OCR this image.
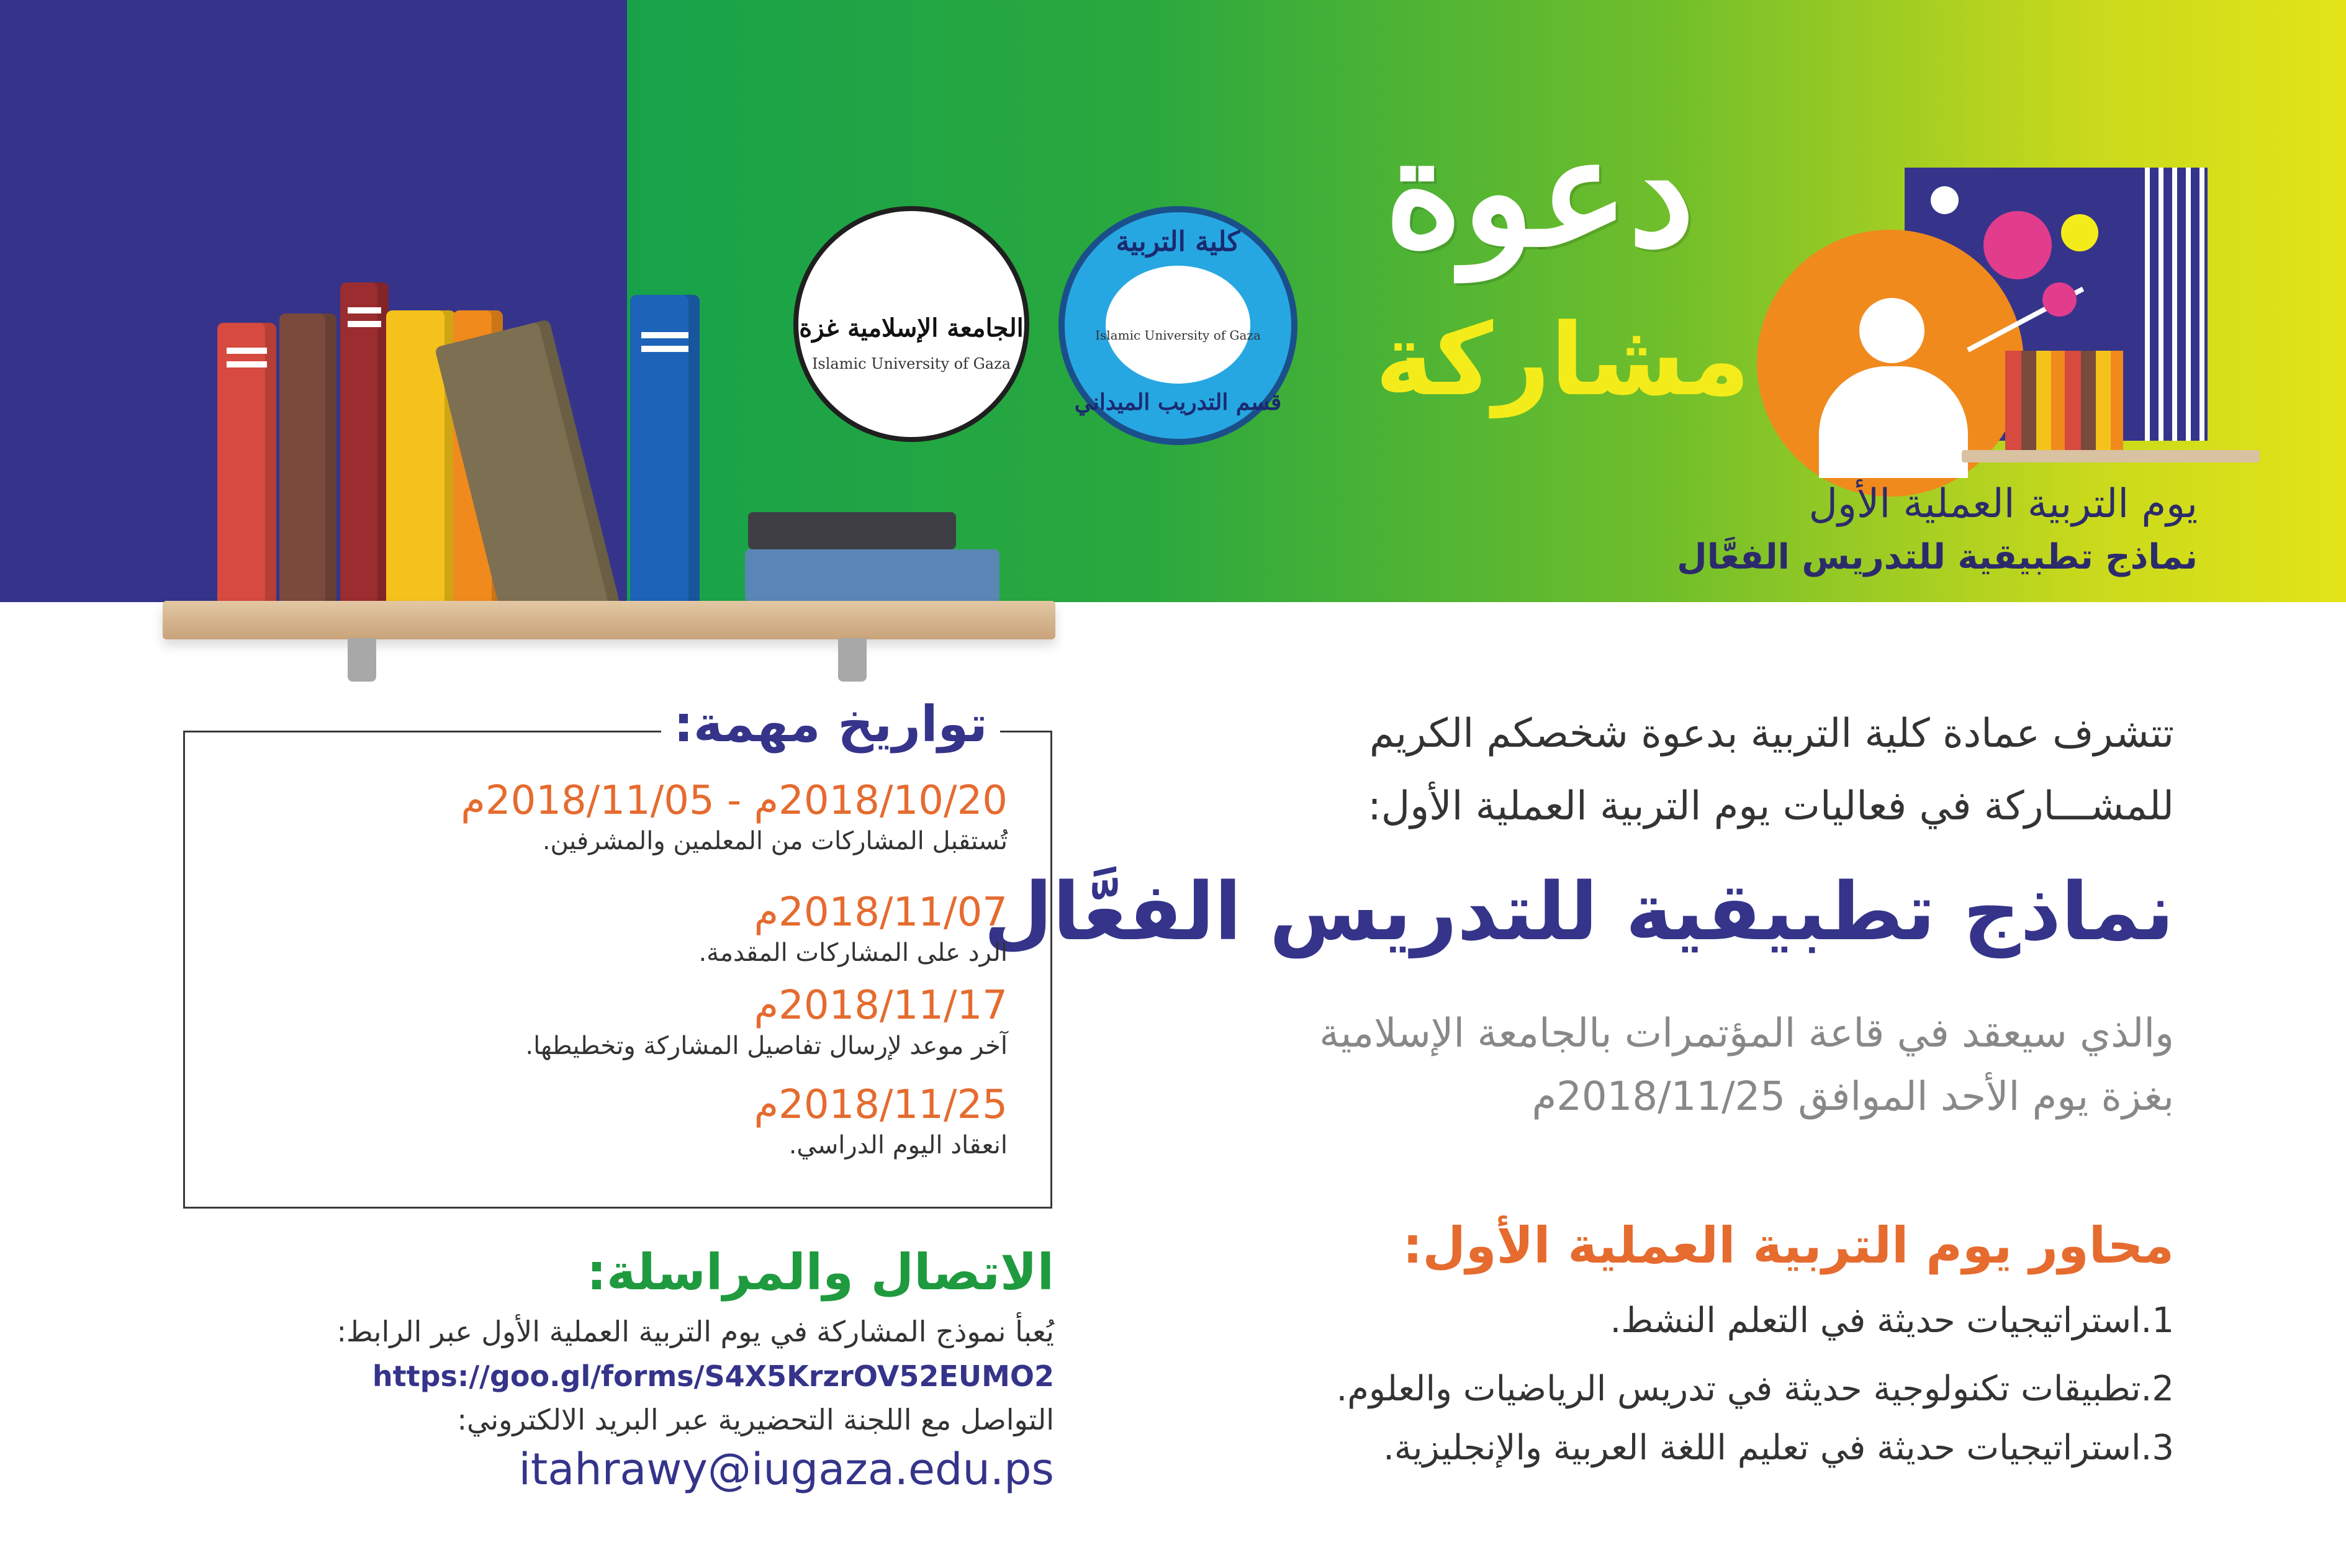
الجامعة الإسلامية غزة
Islamic University of Gaza
كلية التربية
Islamic University of Gaza
قسم التدريب الميداني
دعوة
مشاركة
يوم التربية العملية الأول
نماذج تطبيقية للتدريس الفعَّال
تتشرف عمادة كلية التربية بدعوة شخصكم الكريم
للمشـــاركة في فعاليات يوم التربية العملية الأول:
نماذج تطبيقية للتدريس الفعَّال
والذي سيعقد في قاعة المؤتمرات بالجامعة الإسلامية
بغزة يوم الأحد الموافق 2018/11/25م
محاور يوم التربية العملية الأول:
1.استراتيجيات حديثة في التعلم النشط.
2.تطبيقات تكنولوجية حديثة في تدريس الرياضيات والعلوم.
3.استراتيجيات حديثة في تعليم اللغة العربية والإنجليزية.
تواريخ مهمة:
2018/10/20م - 2018/11/05م
تُستقبل المشاركات من المعلمين والمشرفين.
2018/11/07م
الرد على المشاركات المقدمة.
2018/11/17م
آخر موعد لإرسال تفاصيل المشاركة وتخطيطها.
2018/11/25م
انعقاد اليوم الدراسي.
الاتصال والمراسلة:
يُعبأ نموذج المشاركة في يوم التربية العملية الأول عبر الرابط:
https://goo.gl/forms/S4X5KrzrOV52EUMO2
التواصل مع اللجنة التحضيرية عبر البريد الالكتروني:
itahrawy@iugaza.edu.ps
